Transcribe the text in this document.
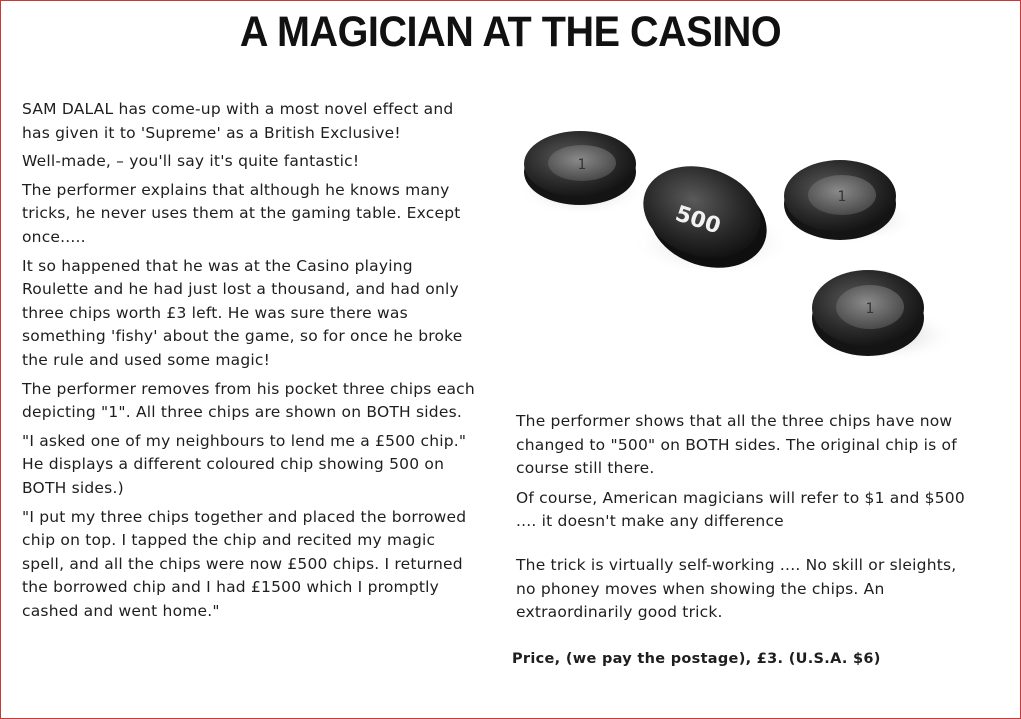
A MAGICIAN AT THE CASINO

SAM DALAL has come-up with a most novel effect and has given it to 'Supreme' as a British Exclusive!

Well-made, – you'll say it's quite fantastic!

The performer explains that although he knows many tricks, he never uses them at the gaming table. Except once.....

It so happened that he was at the Casino playing Roulette and he had just lost a thousand, and had only three chips worth £3 left. He was sure there was something 'fishy' about the game, so for once he broke the rule and used some magic!

The performer removes from his pocket three chips each depicting "1". All three chips are shown on BOTH sides.

"I asked one of my neighbours to lend me a £500 chip." He displays a different coloured chip showing 500 on BOTH sides.)

"I put my three chips together and placed the borrowed chip on top. I tapped the chip and recited my magic spell, and all the chips were now £500 chips. I returned the borrowed chip and I had £1500 which I promptly cashed and went home."

1
500
1
1

The performer shows that all the three chips have now changed to "500" on BOTH sides. The original chip is of course still there.

Of course, American magicians will refer to $1 and $500 .... it doesn't make any difference

The trick is virtually self-working .... No skill or sleights, no phoney moves when showing the chips. An extraordinarily good trick.

Price, (we pay the postage), £3. (U.S.A. $6)
